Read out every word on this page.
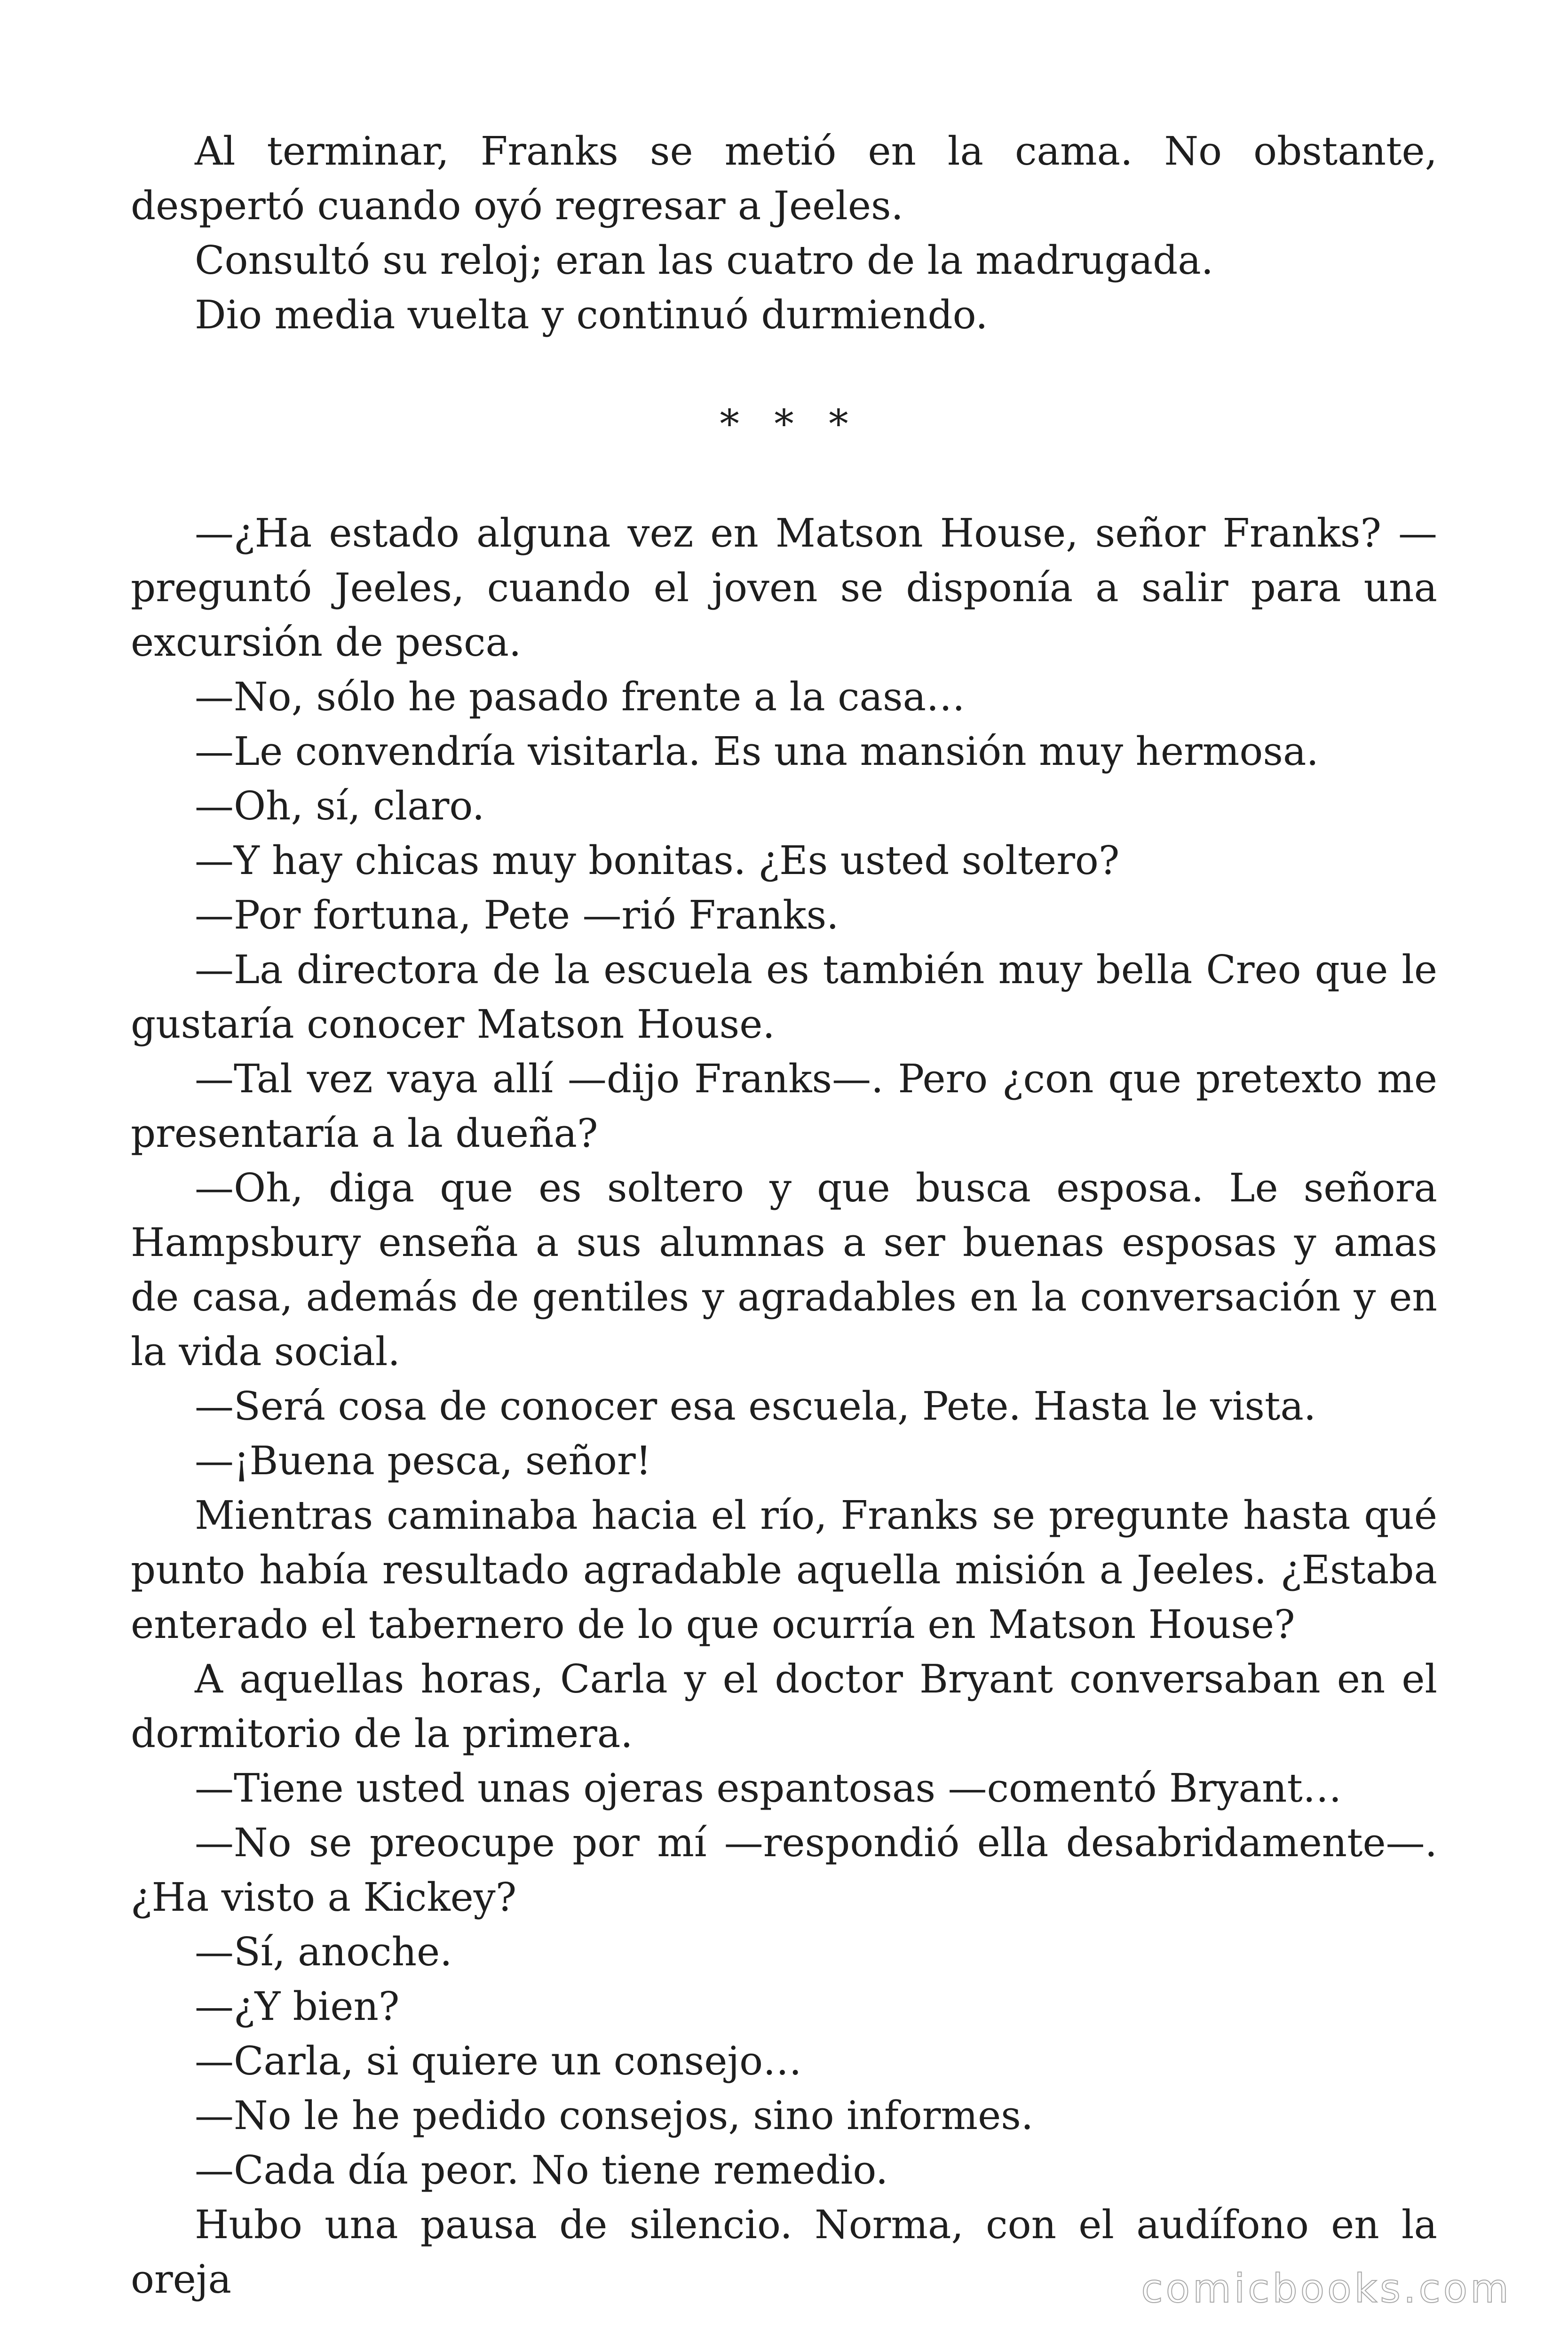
Al terminar, Franks se metió en la cama. No obstante, despertó cuando oyó regresar a Jeeles.

Consultó su reloj; eran las cuatro de la madrugada.

Dio media vuelta y continuó durmiendo.

* * *

—¿Ha estado alguna vez en Matson House, señor Franks? —preguntó Jeeles, cuando el joven se disponía a salir para una excursión de pesca.

—No, sólo he pasado frente a la casa…

—Le convendría visitarla. Es una mansión muy hermosa.

—Oh, sí, claro.

—Y hay chicas muy bonitas. ¿Es usted soltero?

—Por fortuna, Pete —rió Franks.

—La directora de la escuela es también muy bella Creo que le gustaría conocer Matson House.

—Tal vez vaya allí —dijo Franks—. Pero ¿con que pretexto me presentaría a la dueña?

—Oh, diga que es soltero y que busca esposa. Le señora Hampsbury enseña a sus alumnas a ser buenas esposas y amas de casa, además de gentiles y agradables en la conversación y en la vida social.

—Será cosa de conocer esa escuela, Pete. Hasta le vista.

—¡Buena pesca, señor!

Mientras caminaba hacia el río, Franks se pregunte hasta qué punto había resultado agradable aquella misión a Jeeles. ¿Estaba enterado el tabernero de lo que ocurría en Matson House?

A aquellas horas, Carla y el doctor Bryant conversaban en el dormitorio de la primera.

—Tiene usted unas ojeras espantosas —comentó Bryant…

—No se preocupe por mí —respondió ella desabridamente—. ¿Ha visto a Kickey?

—Sí, anoche.

—¿Y bien?

—Carla, si quiere un consejo…

—No le he pedido consejos, sino informes.

—Cada día peor. No tiene remedio.

Hubo una pausa de silencio. Norma, con el audífono en la oreja	comicbooks.com
